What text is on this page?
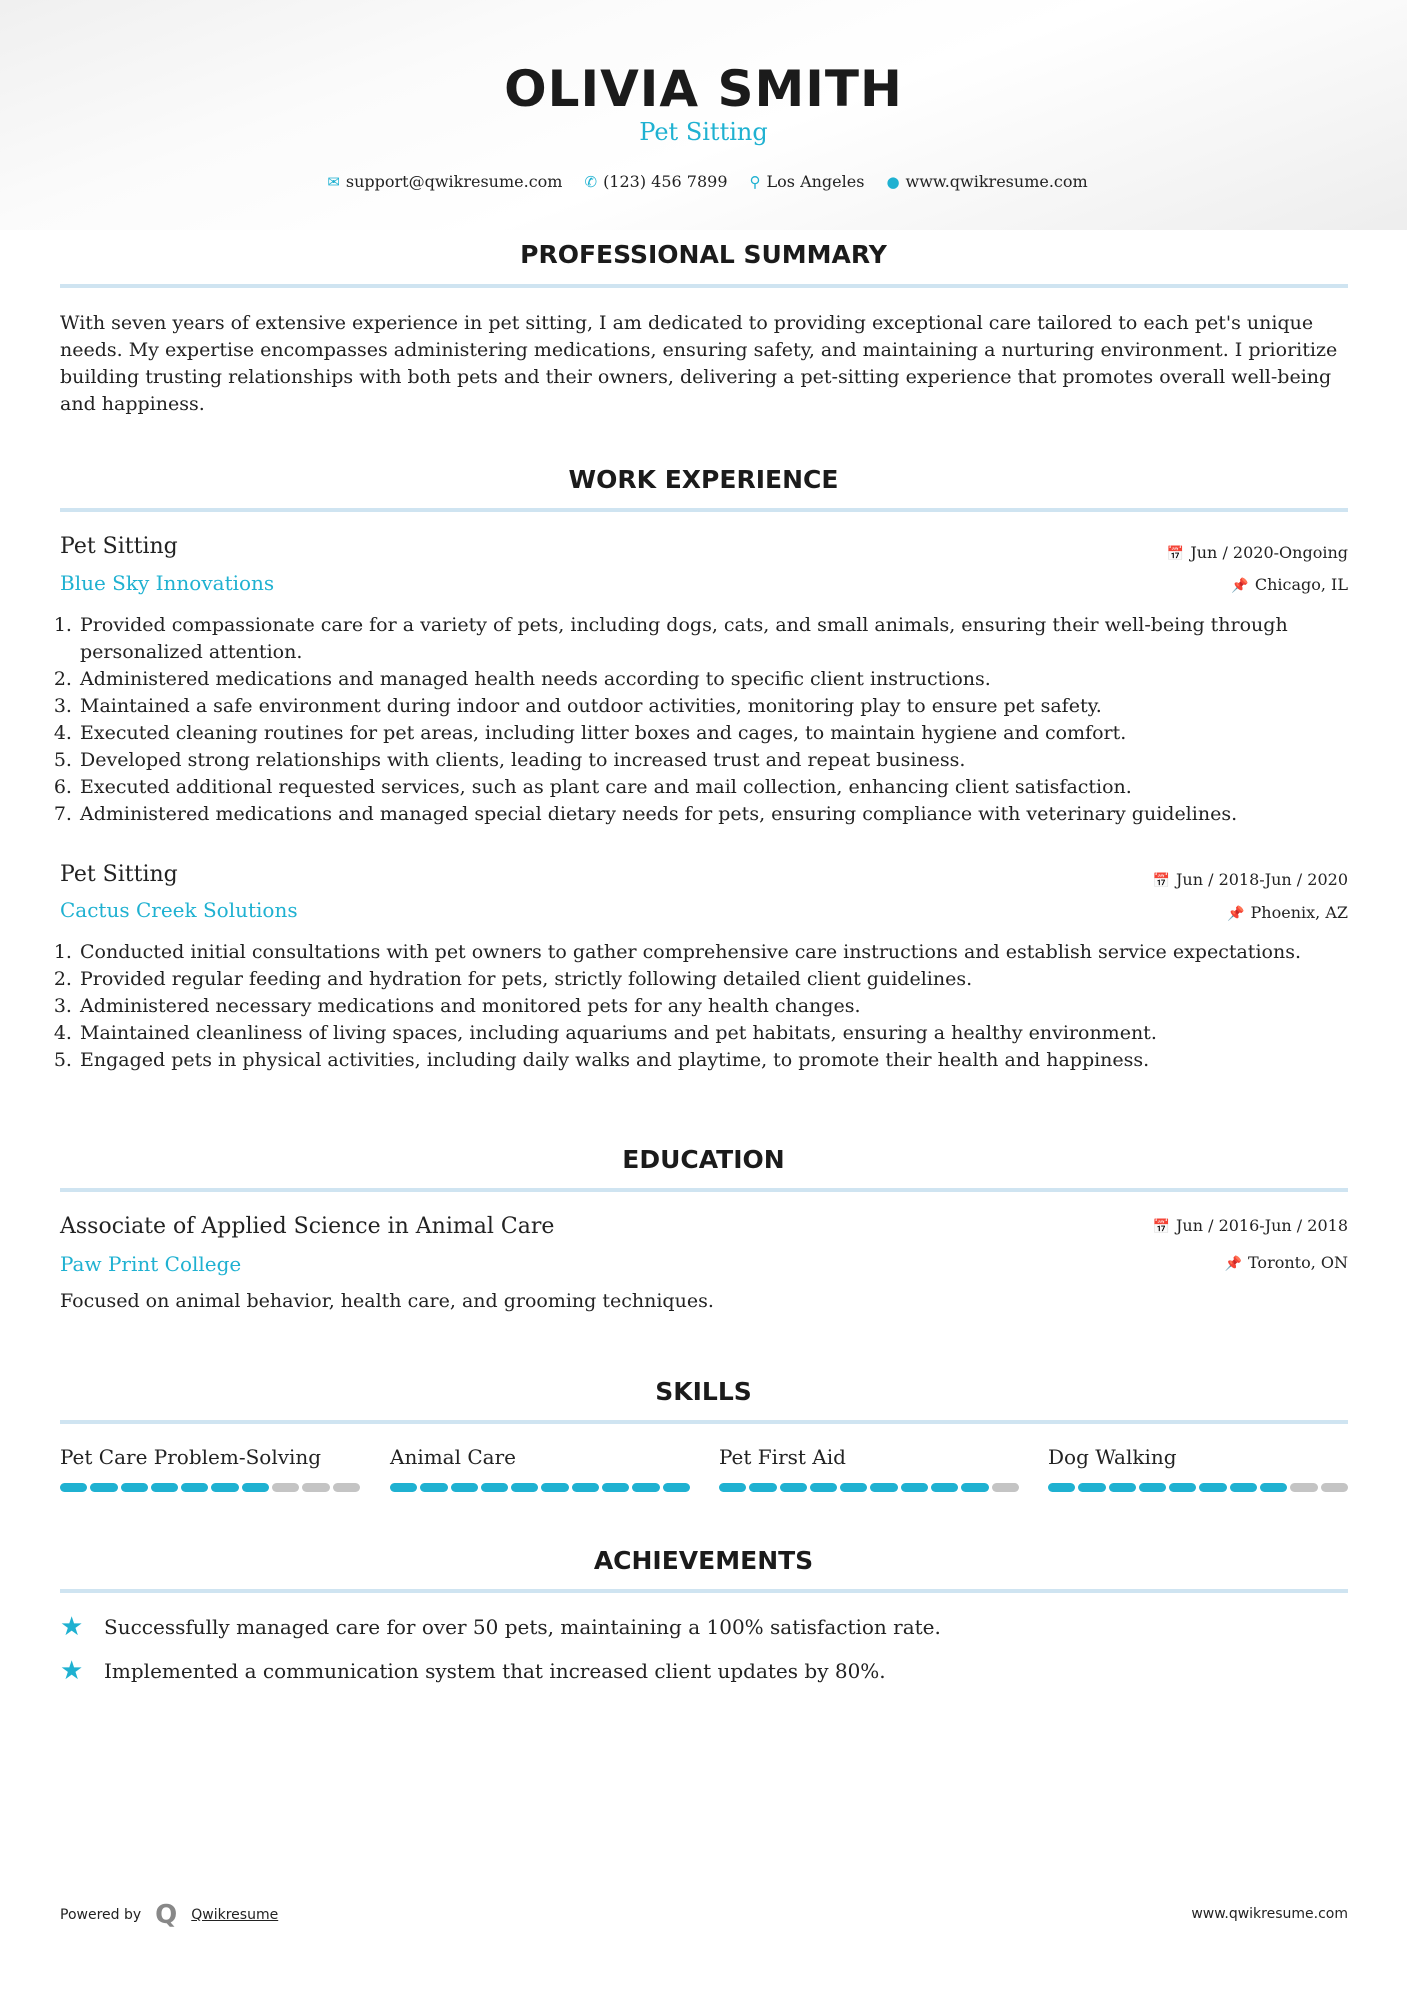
OLIVIA SMITH
Pet Sitting
✉ support@qwikresume.com	✆ (123) 456 7899	⚲ Los Angeles	● www.qwikresume.com
PROFESSIONAL SUMMARY
With seven years of extensive experience in pet sitting, I am dedicated to providing exceptional care tailored to each pet's unique needs. My expertise encompasses administering medications, ensuring safety, and maintaining a nurturing environment. I prioritize building trusting relationships with both pets and their owners, delivering a pet-sitting experience that promotes overall well-being and happiness.
WORK EXPERIENCE
Pet Sitting
Blue Sky Innovations
📅 Jun / 2020-Ongoing
📌 Chicago, IL
1. Provided compassionate care for a variety of pets, including dogs, cats, and small animals, ensuring their well-being through personalized attention.
2. Administered medications and managed health needs according to specific client instructions.
3. Maintained a safe environment during indoor and outdoor activities, monitoring play to ensure pet safety.
4. Executed cleaning routines for pet areas, including litter boxes and cages, to maintain hygiene and comfort.
5. Developed strong relationships with clients, leading to increased trust and repeat business.
6. Executed additional requested services, such as plant care and mail collection, enhancing client satisfaction.
7. Administered medications and managed special dietary needs for pets, ensuring compliance with veterinary guidelines.
Pet Sitting
Cactus Creek Solutions
📅 Jun / 2018-Jun / 2020
📌 Phoenix, AZ
1. Conducted initial consultations with pet owners to gather comprehensive care instructions and establish service expectations.
2. Provided regular feeding and hydration for pets, strictly following detailed client guidelines.
3. Administered necessary medications and monitored pets for any health changes.
4. Maintained cleanliness of living spaces, including aquariums and pet habitats, ensuring a healthy environment.
5. Engaged pets in physical activities, including daily walks and playtime, to promote their health and happiness.
EDUCATION
Associate of Applied Science in Animal Care
Paw Print College
📅 Jun / 2016-Jun / 2018
📌 Toronto, ON
Focused on animal behavior, health care, and grooming techniques.
SKILLS
Pet Care Problem-Solving	Animal Care	Pet First Aid	Dog Walking
ACHIEVEMENTS
★	Successfully managed care for over 50 pets, maintaining a 100% satisfaction rate.
★	Implemented a communication system that increased client updates by 80%.
Powered by Q Qwikresume	www.qwikresume.com
